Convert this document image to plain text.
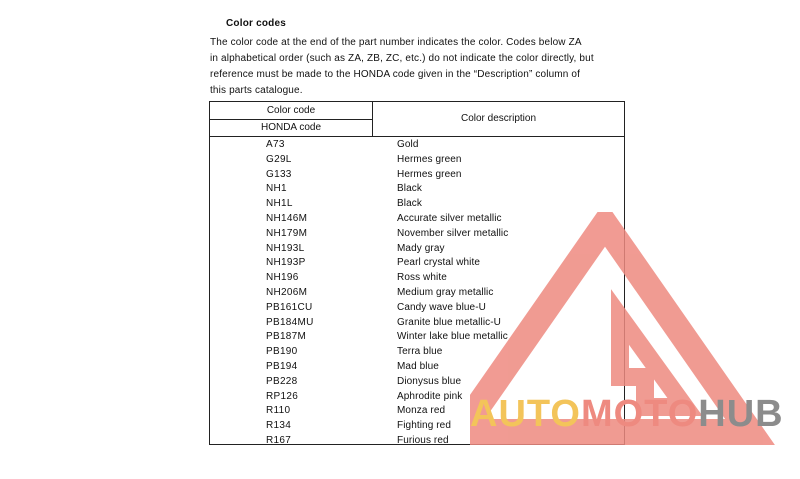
Color codes
The color code at the end of the part number indicates the color. Codes below ZA
in alphabetical order (such as ZA, ZB, ZC, etc.) do not indicate the color directly, but
reference must be made to the HONDA code given in the “Description” column of
this parts catalogue.
Color code
HONDA code
Color description
A73	Gold
G29L	Hermes green
G133	Hermes green
NH1	Black
NH1L	Black
NH146M	Accurate silver metallic
NH179M	November silver metallic
NH193L	Mady gray
NH193P	Pearl crystal white
NH196	Ross white
NH206M	Medium gray metallic
PB161CU	Candy wave blue-U
PB184MU	Granite blue metallic-U
PB187M	Winter lake blue metallic
PB190	Terra blue
PB194	Mad blue
PB228	Dionysus blue
RP126	Aphrodite pink
R110	Monza red
R134	Fighting red
R167	Furious red
AUTOMOTOHUB
